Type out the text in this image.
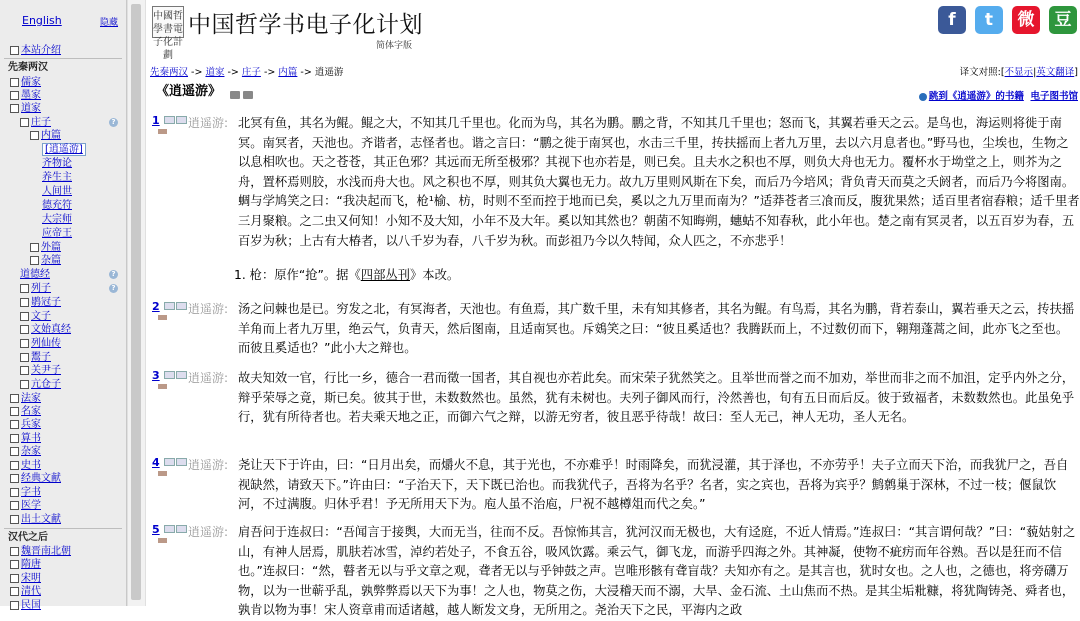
English	隐藏
本站介绍
先秦两汉
儒家
墨家
道家
庄子	?
内篇
[逍遥游]
齐物论
养生主
人间世
德充符
大宗师
应帝王
外篇
杂篇
道德经	?
列子	?
鹖冠子
文子
文始真经
列仙传
鬻子
关尹子
亢仓子
法家
名家
兵家
算书
杂家
史书
经典文献
字书
医学
出土文献
汉代之后
魏晋南北朝
隋唐
宋明
清代
民国
中國哲學書電子化計劃
中国哲学书电子化计划
简体字版
f	t	微	豆
先秦两汉 -> 道家 -> 庄子 -> 内篇 -> 逍遥游	译文对照:[不显示|英文翻译]
《逍遥游》	跳到《逍遥游》的书籍 电子图书馆
1 逍遥游: 北冥有鱼，其名为鲲。鲲之大，不知其几千里也。化而为鸟，其名为鹏。鹏之背，不知其几千里也；怒而飞，其翼若垂天之云。是鸟也，海运则将徙于南冥。南冥者，天池也。齐谐者，志怪者也。谐之言曰：“鹏之徙于南冥也，水击三千里，抟扶摇而上者九万里，去以六月息者也。”野马也，尘埃也，生物之以息相吹也。天之苍苍，其正色邪？其远而无所至极邪？其视下也亦若是，则已矣。且夫水之积也不厚，则负大舟也无力。覆杯水于坳堂之上，则芥为之舟，置杯焉则胶，水浅而舟大也。风之积也不厚，则其负大翼也无力。故九万里则风斯在下矣，而后乃今培风；背负青天而莫之夭阏者，而后乃今将图南。蜩与学鸠笑之曰：“我决起而飞，枪¹榆、枋，时则不至而控于地而已矣，奚以之九万里而南为？”适莽苍者三飡而反，腹犹果然；适百里者宿舂粮；适千里者三月聚粮。之二虫又何知！小知不及大知，小年不及大年。奚以知其然也？朝菌不知晦朔，蟪蛄不知春秋，此小年也。楚之南有冥灵者，以五百岁为春，五百岁为秋；上古有大椿者，以八千岁为春，八千岁为秋。而彭祖乃今以久特闻，众人匹之，不亦悲乎！
2 逍遥游: 汤之问棘也是已。穷发之北，有冥海者，天池也。有鱼焉，其广数千里，未有知其修者，其名为鲲。有鸟焉，其名为鹏，背若泰山，翼若垂天之云，抟扶摇羊角而上者九万里，绝云气，负青天，然后图南，且适南冥也。斥鴳笑之曰：“彼且奚适也？我腾跃而上，不过数仞而下，翱翔蓬蒿之间，此亦飞之至也。而彼且奚适也？”此小大之辩也。
3 逍遥游: 故夫知效一官，行比一乡，德合一君而徵一国者，其自视也亦若此矣。而宋荣子犹然笑之。且举世而誉之而不加劝，举世而非之而不加沮，定乎内外之分，辩乎荣辱之竟，斯已矣。彼其于世，未数数然也。虽然，犹有未树也。夫列子御风而行，泠然善也，旬有五日而后反。彼于致福者，未数数然也。此虽免乎行，犹有所待者也。若夫乘天地之正，而御六气之辩，以游无穷者，彼且恶乎待哉！故曰：至人无己，神人无功，圣人无名。
4 逍遥游: 尧让天下于许由，曰：“日月出矣，而爝火不息，其于光也，不亦难乎！时雨降矣，而犹浸灌，其于泽也，不亦劳乎！夫子立而天下治，而我犹尸之，吾自视缺然，请致天下。”许由曰：“子治天下，天下既已治也。而我犹代子，吾将为名乎？名者，实之宾也，吾将为宾乎？鹪鹩巢于深林，不过一枝；偃鼠饮河，不过满腹。归休乎君！予无所用天下为。庖人虽不治庖，尸祝不越樽俎而代之矣。”
5 逍遥游: 肩吾问于连叔曰：“吾闻言于接舆，大而无当，往而不反。吾惊怖其言，犹河汉而无极也，大有迳庭，不近人情焉。”连叔曰：“其言谓何哉？”曰：“藐姑射之山，有神人居焉，肌肤若冰雪，淖约若处子，不食五谷，吸风饮露。乘云气，御飞龙，而游乎四海之外。其神凝，使物不疵疠而年谷熟。吾以是狂而不信也。”连叔曰：“然，瞽者无以与乎文章之观，聋者无以与乎钟鼓之声。岂唯形骸有聋盲哉？夫知亦有之。是其言也，犹时女也。之人也，之德也，将旁礴万物，以为一世蕲乎乱，孰弊弊焉以天下为事！之人也，物莫之伤，大浸稽天而不溺，大旱、金石流、土山焦而不热。是其尘垢粃糠，将犹陶铸尧、舜者也，孰肯以物为事！宋人资章甫而适诸越，越人断发文身，无所用之。尧治天下之民，平海内之政
1. 枪：原作“抢”。据《四部丛刊》本改。
